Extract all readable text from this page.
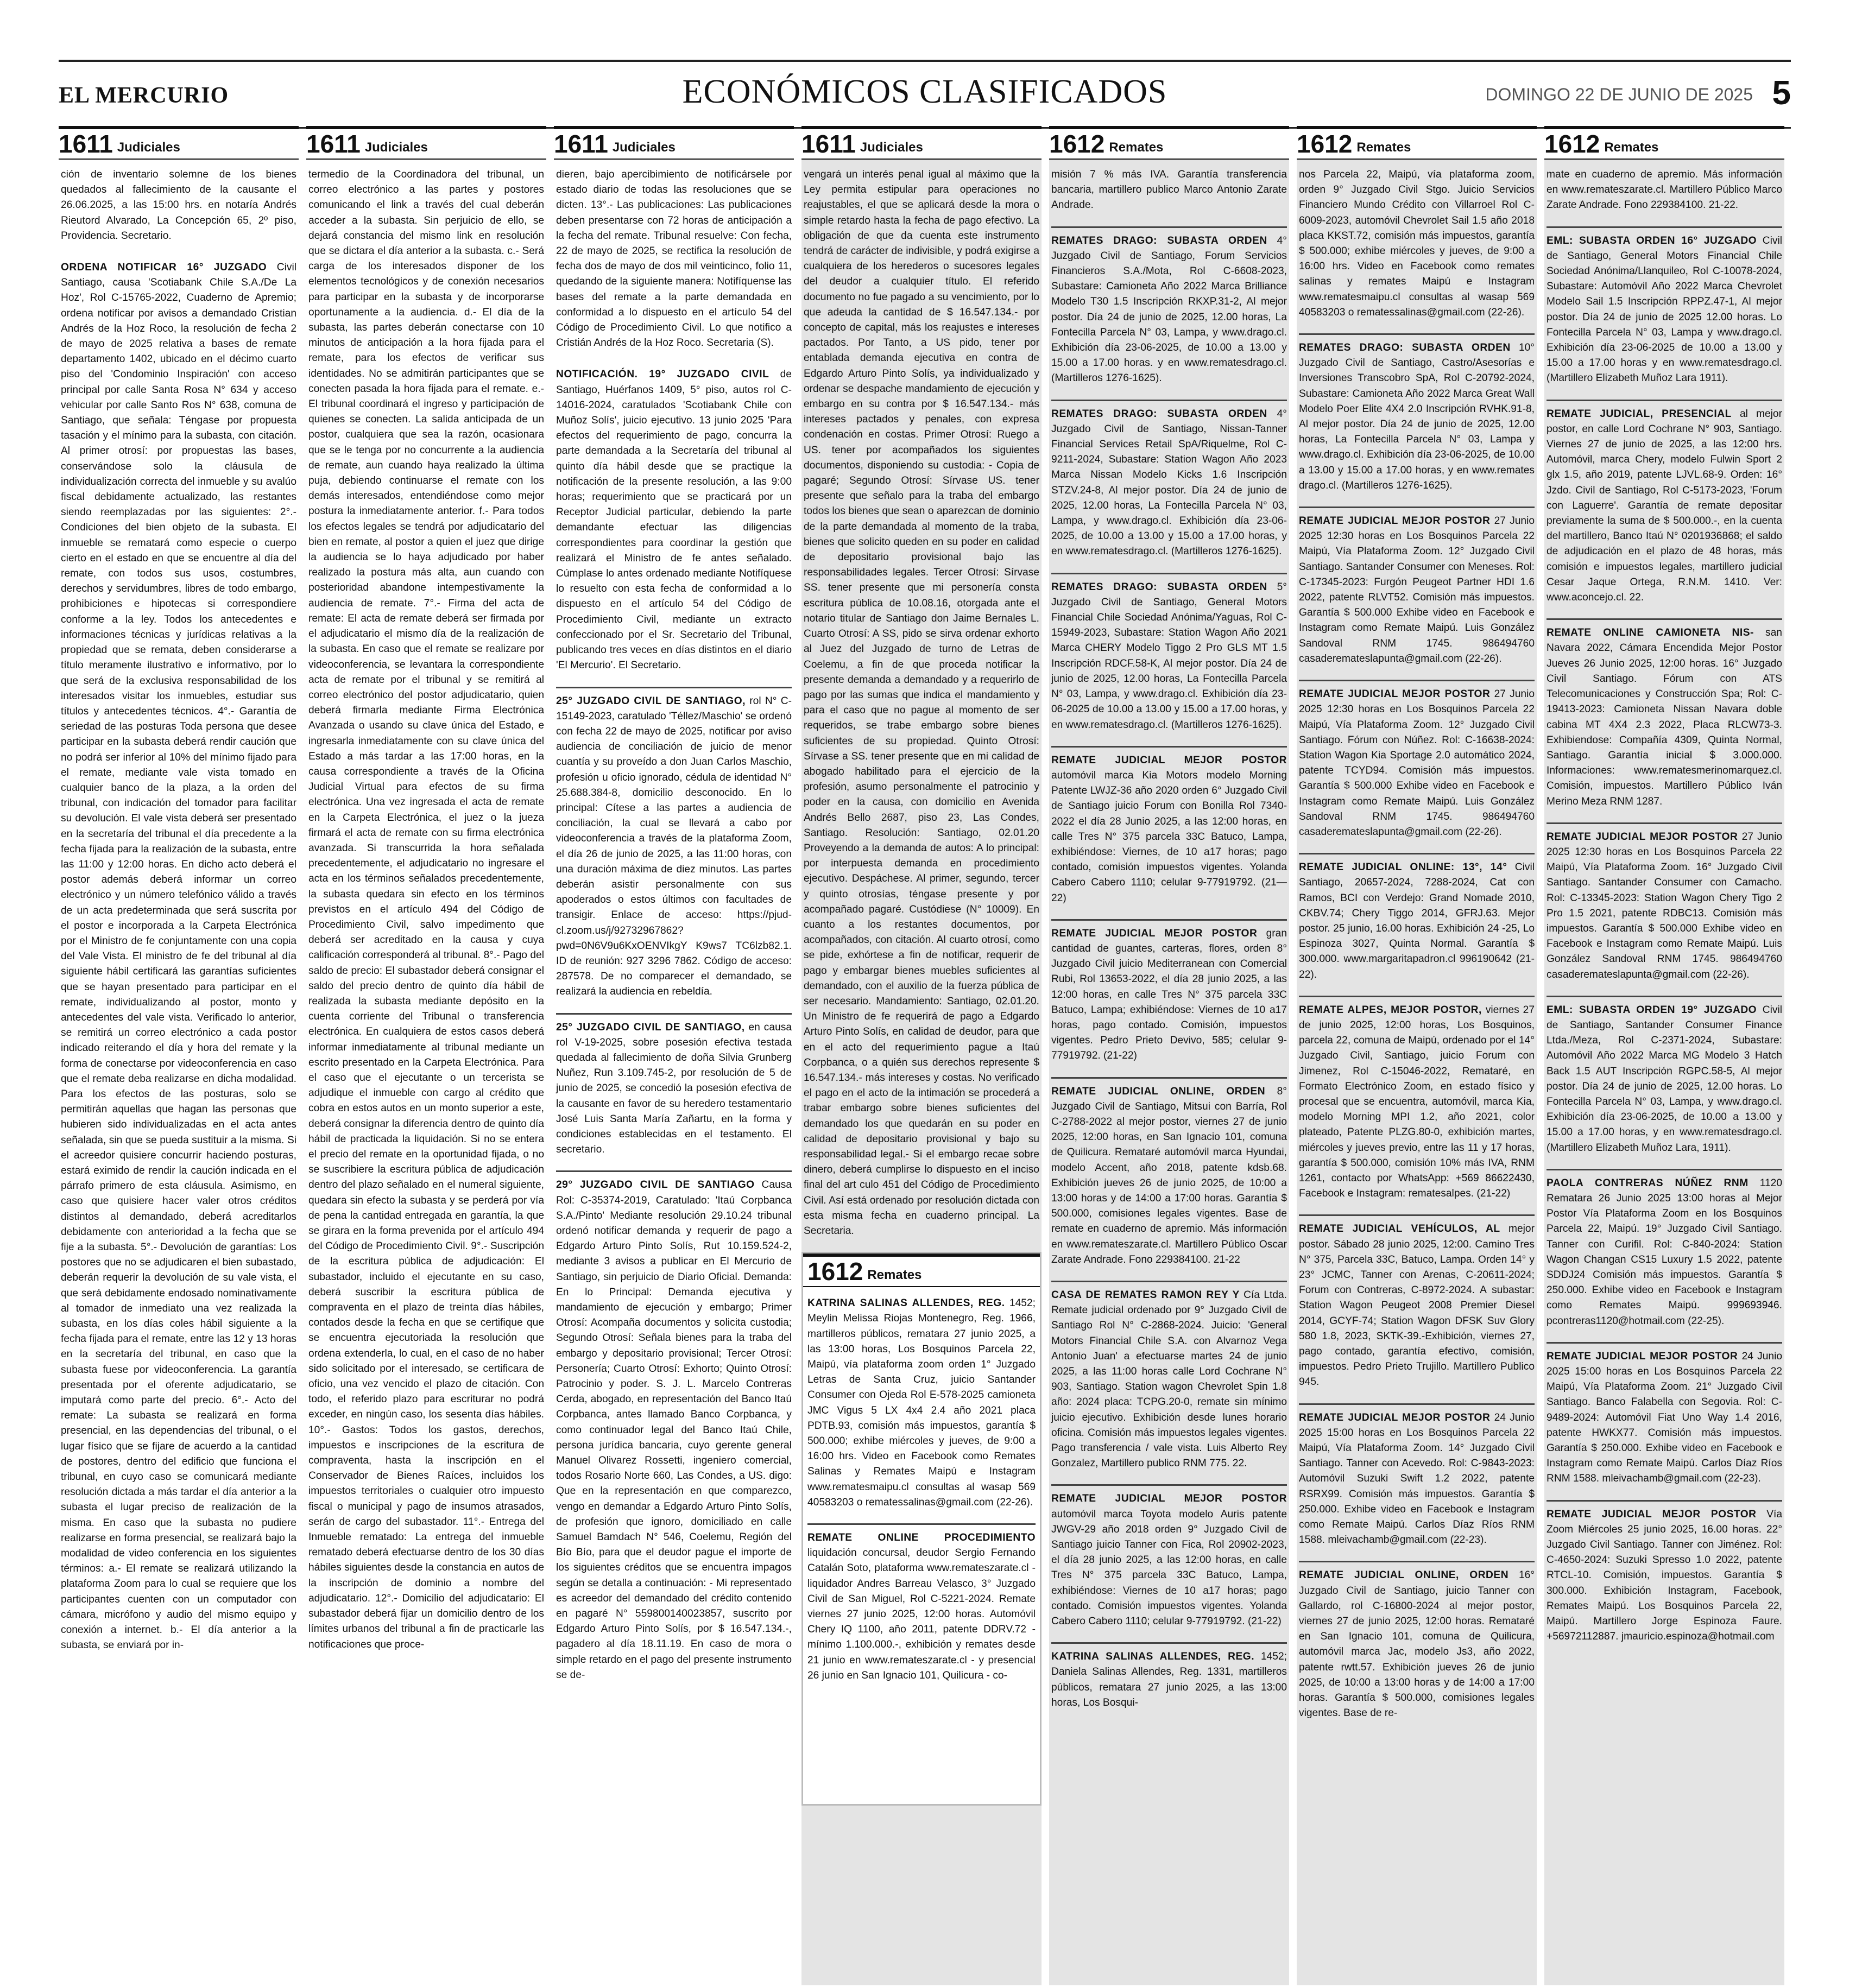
EL MERCURIO	ECONÓMICOS CLASIFICADOS	DOMINGO 22 DE JUNIO DE 2025 5
1611 Judiciales

ción de inventario solemne de los bienes quedados al fallecimiento de la causante el 26.06.2025, a las 15:00 hrs. en notaría Andrés Rieutord Alvarado, La Concepción 65, 2º piso, Providencia. Secretario.

ORDENA NOTIFICAR 16° JUZGADO Civil Santiago, causa 'Scotiabank Chile S.A./De La Hoz', Rol C-15765-2022, Cuaderno de Apremio; ordena notificar por avisos a demandado Cristian Andrés de la Hoz Roco, la resolución de fecha 2 de mayo de 2025 relativa a bases de remate departamento 1402, ubicado en el décimo cuarto piso del 'Condominio Inspiración' con acceso principal por calle Santa Rosa N° 634 y acceso vehicular por calle Santo Ros N° 638, comuna de Santiago, que señala: Téngase por propuesta tasación y el mínimo para la subasta, con citación. Al primer otrosí: por propuestas las bases, conservándose solo la cláusula de individualización correcta del inmueble y su avalúo fiscal debidamente actualizado, las restantes siendo reemplazadas por las siguientes: 2°.- Condiciones del bien objeto de la subasta. El inmueble se rematará como especie o cuerpo cierto en el estado en que se encuentre al día del remate, con todos sus usos, costumbres, derechos y servidumbres, libres de todo embargo, prohibiciones e hipotecas si correspondiere conforme a la ley. Todos los antecedentes e informaciones técnicas y jurídicas relativas a la propiedad que se remata, deben considerarse a título meramente ilustrativo e informativo, por lo que será de la exclusiva responsabilidad de los interesados visitar los inmuebles, estudiar sus títulos y antecedentes técnicos. 4°.- Garantía de seriedad de las posturas Toda persona que desee participar en la subasta deberá rendir caución que no podrá ser inferior al 10% del mínimo fijado para el remate, mediante vale vista tomado en cualquier banco de la plaza, a la orden del tribunal, con indicación del tomador para facilitar su devolución. El vale vista deberá ser presentado en la secretaría del tribunal el día precedente a la fecha fijada para la realización de la subasta, entre las 11:00 y 12:00 horas. En dicho acto deberá el postor además deberá informar un correo electrónico y un número telefónico válido a través de un acta predeterminada que será suscrita por el postor e incorporada a la Carpeta Electrónica por el Ministro de fe conjuntamente con una copia del Vale Vista. El ministro de fe del tribunal al día siguiente hábil certificará las garantías suficientes que se hayan presentado para participar en el remate, individualizando al postor, monto y antecedentes del vale vista. Verificado lo anterior, se remitirá un correo electrónico a cada postor indicado reiterando el día y hora del remate y la forma de conectarse por videoconferencia en caso que el remate deba realizarse en dicha modalidad. Para los efectos de las posturas, solo se permitirán aquellas que hagan las personas que hubieren sido individualizadas en el acta antes señalada, sin que se pueda sustituir a la misma. Si el acreedor quisiere concurrir haciendo posturas, estará eximido de rendir la caución indicada en el párrafo primero de esta cláusula. Asimismo, en caso que quisiere hacer valer otros créditos distintos al demandado, deberá acreditarlos debidamente con anterioridad a la fecha que se fije a la subasta. 5°.- Devolución de garantías: Los postores que no se adjudicaren el bien subastado, deberán requerir la devolución de su vale vista, el que será debidamente endosado nominativamente al tomador de inmediato una vez realizada la subasta, en los días coles hábil siguiente a la fecha fijada para el remate, entre las 12 y 13 horas en la secretaría del tribunal, en caso que la subasta fuese por videoconferencia. La garantía presentada por el oferente adjudicatario, se imputará como parte del precio. 6°.- Acto del remate: La subasta se realizará en forma presencial, en las dependencias del tribunal, o el lugar físico que se fijare de acuerdo a la cantidad de postores, dentro del edificio que funciona el tribunal, en cuyo caso se comunicará mediante resolución dictada a más tardar el día anterior a la subasta el lugar preciso de realización de la misma. En caso que la subasta no pudiere realizarse en forma presencial, se realizará bajo la modalidad de video conferencia en los siguientes términos: a.- El remate se realizará utilizando la plataforma Zoom para lo cual se requiere que los participantes cuenten con un computador con cámara, micrófono y audio del mismo equipo y conexión a internet. b.- El día anterior a la subasta, se enviará por in-

1611 Judiciales

termedio de la Coordinadora del tribunal, un correo electrónico a las partes y postores comunicando el link a través del cual deberán acceder a la subasta. Sin perjuicio de ello, se dejará constancia del mismo link en resolución que se dictara el día anterior a la subasta. c.- Será carga de los interesados disponer de los elementos tecnológicos y de conexión necesarios para participar en la subasta y de incorporarse oportunamente a la audiencia. d.- El día de la subasta, las partes deberán conectarse con 10 minutos de anticipación a la hora fijada para el remate, para los efectos de verificar sus identidades. No se admitirán participantes que se conecten pasada la hora fijada para el remate. e.- El tribunal coordinará el ingreso y participación de quienes se conecten. La salida anticipada de un postor, cualquiera que sea la razón, ocasionara que se le tenga por no concurrente a la audiencia de remate, aun cuando haya realizado la última puja, debiendo continuarse el remate con los demás interesados, entendiéndose como mejor postura la inmediatamente anterior. f.- Para todos los efectos legales se tendrá por adjudicatario del bien en remate, al postor a quien el juez que dirige la audiencia se lo haya adjudicado por haber realizado la postura más alta, aun cuando con posterioridad abandone intempestivamente la audiencia de remate. 7°.- Firma del acta de remate: El acta de remate deberá ser firmada por el adjudicatario el mismo día de la realización de la subasta. En caso que el remate se realizare por videoconferencia, se levantara la correspondiente acta de remate por el tribunal y se remitirá al correo electrónico del postor adjudicatario, quien deberá firmarla mediante Firma Electrónica Avanzada o usando su clave única del Estado, e ingresarla inmediatamente con su clave única del Estado a más tardar a las 17:00 horas, en la causa correspondiente a través de la Oficina Judicial Virtual para efectos de su firma electrónica. Una vez ingresada el acta de remate en la Carpeta Electrónica, el juez o la jueza firmará el acta de remate con su firma electrónica avanzada. Si transcurrida la hora señalada precedentemente, el adjudicatario no ingresare el acta en los términos señalados precedentemente, la subasta quedara sin efecto en los términos previstos en el artículo 494 del Código de Procedimiento Civil, salvo impedimento que deberá ser acreditado en la causa y cuya calificación corresponderá al tribunal. 8°.- Pago del saldo de precio: El subastador deberá consignar el saldo del precio dentro de quinto día hábil de realizada la subasta mediante depósito en la cuenta corriente del Tribunal o transferencia electrónica. En cualquiera de estos casos deberá informar inmediatamente al tribunal mediante un escrito presentado en la Carpeta Electrónica. Para el caso que el ejecutante o un tercerista se adjudique el inmueble con cargo al crédito que cobra en estos autos en un monto superior a este, deberá consignar la diferencia dentro de quinto día hábil de practicada la liquidación. Si no se entera el precio del remate en la oportunidad fijada, o no se suscribiere la escritura pública de adjudicación dentro del plazo señalado en el numeral siguiente, quedara sin efecto la subasta y se perderá por vía de pena la cantidad entregada en garantía, la que se girara en la forma prevenida por el artículo 494 del Código de Procedimiento Civil. 9°.- Suscripción de la escritura pública de adjudicación: El subastador, incluido el ejecutante en su caso, deberá suscribir la escritura pública de compraventa en el plazo de treinta días hábiles, contados desde la fecha en que se certifique que se encuentra ejecutoriada la resolución que ordena extenderla, lo cual, en el caso de no haber sido solicitado por el interesado, se certificara de oficio, una vez vencido el plazo de citación. Con todo, el referido plazo para escriturar no podrá exceder, en ningún caso, los sesenta días hábiles. 10°.- Gastos: Todos los gastos, derechos, impuestos e inscripciones de la escritura de compraventa, hasta la inscripción en el Conservador de Bienes Raíces, incluidos los impuestos territoriales o cualquier otro impuesto fiscal o municipal y pago de insumos atrasados, serán de cargo del subastador. 11°.- Entrega del Inmueble rematado: La entrega del inmueble rematado deberá efectuarse dentro de los 30 días hábiles siguientes desde la constancia en autos de la inscripción de dominio a nombre del adjudicatario. 12°.- Domicilio del adjudicatario: El subastador deberá fijar un domicilio dentro de los límites urbanos del tribunal a fin de practicarle las notificaciones que proce-

1611 Judiciales

dieren, bajo apercibimiento de notificársele por estado diario de todas las resoluciones que se dicten. 13°.- Las publicaciones: Las publicaciones deben presentarse con 72 horas de anticipación a la fecha del remate. Tribunal resuelve: Con fecha, 22 de mayo de 2025, se rectifica la resolución de fecha dos de mayo de dos mil veinticinco, folio 11, quedando de la siguiente manera: Notifíquense las bases del remate a la parte demandada en conformidad a lo dispuesto en el artículo 54 del Código de Procedimiento Civil. Lo que notifico a Cristián Andrés de la Hoz Roco. Secretaria (S).

NOTIFICACIÓN. 19° JUZGADO CIVIL de Santiago, Huérfanos 1409, 5° piso, autos rol C-14016-2024, caratulados 'Scotiabank Chile con Muñoz Solís', juicio ejecutivo. 13 junio 2025 'Para efectos del requerimiento de pago, concurra la parte demandada a la Secretaría del tribunal al quinto día hábil desde que se practique la notificación de la presente resolución, a las 9:00 horas; requerimiento que se practicará por un Receptor Judicial particular, debiendo la parte demandante efectuar las diligencias correspondientes para coordinar la gestión que realizará el Ministro de fe antes señalado. Cúmplase lo antes ordenado mediante Notifíquese lo resuelto con esta fecha de conformidad a lo dispuesto en el artículo 54 del Código de Procedimiento Civil, mediante un extracto confeccionado por el Sr. Secretario del Tribunal, publicando tres veces en días distintos en el diario 'El Mercurio'. El Secretario.

25° JUZGADO CIVIL DE SANTIAGO, rol N° C-15149-2023, caratulado 'Téllez/Maschio' se ordenó con fecha 22 de mayo de 2025, notificar por aviso audiencia de conciliación de juicio de menor cuantía y su proveído a don Juan Carlos Maschio, profesión u oficio ignorado, cédula de identidad N° 25.688.384-8, domicilio desconocido. En lo principal: Cítese a las partes a audiencia de conciliación, la cual se llevará a cabo por videoconferencia a través de la plataforma Zoom, el día 26 de junio de 2025, a las 11:00 horas, con una duración máxima de diez minutos. Las partes deberán asistir personalmente con sus apoderados o estos últimos con facultades de transigir. Enlace de acceso: https://pjud-cl.zoom.us/j/92732967862?pwd=0N6V9u6KxOENVIkgY K9ws7 TC6lzb82.1. ID de reunión: 927 3296 7862. Código de acceso: 287578. De no comparecer el demandado, se realizará la audiencia en rebeldía.

25° JUZGADO CIVIL DE SANTIAGO, en causa rol V-19-2025, sobre posesión efectiva testada quedada al fallecimiento de doña Silvia Grunberg Nuñez, Run 3.109.745-2, por resolución de 5 de junio de 2025, se concedió la posesión efectiva de la causante en favor de su heredero testamentario José Luis Santa María Zañartu, en la forma y condiciones establecidas en el testamento. El secretario.

29° JUZGADO CIVIL DE SANTIAGO Causa Rol: C-35374-2019, Caratulado: 'Itaú Corpbanca S.A./Pinto' Mediante resolución 29.10.24 tribunal ordenó notificar demanda y requerir de pago a Edgardo Arturo Pinto Solís, Rut 10.159.524-2, mediante 3 avisos a publicar en El Mercurio de Santiago, sin perjuicio de Diario Oficial. Demanda: En lo Principal: Demanda ejecutiva y mandamiento de ejecución y embargo; Primer Otrosí: Acompaña documentos y solicita custodia; Segundo Otrosí: Señala bienes para la traba del embargo y depositario provisional; Tercer Otrosí: Personería; Cuarto Otrosí: Exhorto; Quinto Otrosí: Patrocinio y poder. S. J. L. Marcelo Contreras Cerda, abogado, en representación del Banco Itaú Corpbanca, antes llamado Banco Corpbanca, y como continuador legal del Banco Itaú Chile, persona jurídica bancaria, cuyo gerente general Manuel Olivarez Rossetti, ingeniero comercial, todos Rosario Norte 660, Las Condes, a US. digo: Que en la representación en que comparezco, vengo en demandar a Edgardo Arturo Pinto Solís, de profesión que ignoro, domiciliado en calle Samuel Bamdach N° 546, Coelemu, Región del Bío Bío, para que el deudor pague el importe de los siguientes créditos que se encuentra impagos según se detalla a continuación: - Mi representado es acreedor del demandado del crédito contenido en pagaré N° 559800140023857, suscrito por Edgardo Arturo Pinto Solís, por $ 16.547.134.-, pagadero al día 18.11.19. En caso de mora o simple retardo en el pago del presente instrumento se de-

1611 Judiciales

vengará un interés penal igual al máximo que la Ley permita estipular para operaciones no reajustables, el que se aplicará desde la mora o simple retardo hasta la fecha de pago efectivo. La obligación de que da cuenta este instrumento tendrá de carácter de indivisible, y podrá exigirse a cualquiera de los herederos o sucesores legales del deudor a cualquier título. El referido documento no fue pagado a su vencimiento, por lo que adeuda la cantidad de $ 16.547.134.- por concepto de capital, más los reajustes e intereses pactados. Por Tanto, a US pido, tener por entablada demanda ejecutiva en contra de Edgardo Arturo Pinto Solís, ya individualizado y ordenar se despache mandamiento de ejecución y embargo en su contra por $ 16.547.134.- más intereses pactados y penales, con expresa condenación en costas. Primer Otrosí: Ruego a US. tener por acompañados los siguientes documentos, disponiendo su custodia: - Copia de pagaré; Segundo Otrosí: Sírvase US. tener presente que señalo para la traba del embargo todos los bienes que sean o aparezcan de dominio de la parte demandada al momento de la traba, bienes que solicito queden en su poder en calidad de depositario provisional bajo las responsabilidades legales. Tercer Otrosí: Sírvase SS. tener presente que mi personería consta escritura pública de 10.08.16, otorgada ante el notario titular de Santiago don Jaime Bernales L. Cuarto Otrosí: A SS, pido se sirva ordenar exhorto al Juez del Juzgado de turno de Letras de Coelemu, a fin de que proceda notificar la presente demanda a demandado y a requerirlo de pago por las sumas que indica el mandamiento y para el caso que no pague al momento de ser requeridos, se trabe embargo sobre bienes suficientes de su propiedad. Quinto Otrosí: Sírvase a SS. tener presente que en mi calidad de abogado habilitado para el ejercicio de la profesión, asumo personalmente el patrocinio y poder en la causa, con domicilio en Avenida Andrés Bello 2687, piso 23, Las Condes, Santiago. Resolución: Santiago, 02.01.20 Proveyendo a la demanda de autos: A lo principal: por interpuesta demanda en procedimiento ejecutivo. Despáchese. Al primer, segundo, tercer y quinto otrosías, téngase presente y por acompañado pagaré. Custódiese (N° 10009). En cuanto a los restantes documentos, por acompañados, con citación. Al cuarto otrosí, como se pide, exhórtese a fin de notificar, requerir de pago y embargar bienes muebles suficientes al demandado, con el auxilio de la fuerza pública de ser necesario. Mandamiento: Santiago, 02.01.20. Un Ministro de fe requerirá de pago a Edgardo Arturo Pinto Solís, en calidad de deudor, para que en el acto del requerimiento pague a Itaú Corpbanca, o a quién sus derechos represente $ 16.547.134.- más intereses y costas. No verificado el pago en el acto de la intimación se procederá a trabar embargo sobre bienes suficientes del demandado los que quedarán en su poder en calidad de depositario provisional y bajo su responsabilidad legal.- Si el embargo recae sobre dinero, deberá cumplirse lo dispuesto en el inciso final del art culo 451 del Código de Procedimiento Civil. Así está ordenado por resolución dictada con esta misma fecha en cuaderno principal. La Secretaria.

1612 Remates

KATRINA SALINAS ALLENDES, REG. 1452; Meylin Melissa Riojas Montenegro, Reg. 1966, martilleros públicos, rematara 27 junio 2025, a las 13:00 horas, Los Bosquinos Parcela 22, Maipú, vía plataforma zoom orden 1° Juzgado Letras de Santa Cruz, juicio Santander Consumer con Ojeda Rol E-578-2025 camioneta JMC Vigus 5 LX 4x4 2.4 año 2021 placa PDTB.93, comisión más impuestos, garantía $ 500.000; exhibe miércoles y jueves, de 9:00 a 16:00 hrs. Video en Facebook como Remates Salinas y Remates Maipú e Instagram www.rematesmaipu.cl consultas al wasap 569 40583203 o rematessalinas@gmail.com (22-26).

REMATE ONLINE PROCEDIMIENTO liquidación concursal, deudor Sergio Fernando Catalán Soto, plataforma www.remateszarate.cl - liquidador Andres Barreau Velasco, 3° Juzgado Civil de San Miguel, Rol C-5221-2024. Remate viernes 27 junio 2025, 12:00 horas. Automóvil Chery IQ 1100, año 2011, patente DDRV.72 - mínimo 1.100.000.-, exhibición y remates desde 21 junio en www.remateszarate.cl - y presencial 26 junio en San Ignacio 101, Quilicura - co-

1612 Remates

misión 7 % más IVA. Garantía transferencia bancaria, martillero publico Marco Antonio Zarate Andrade.

REMATES DRAGO: SUBASTA ORDEN 4° Juzgado Civil de Santiago, Forum Servicios Financieros S.A./Mota, Rol C-6608-2023, Subastare: Camioneta Año 2022 Marca Brilliance Modelo T30 1.5 Inscripción RKXP.31-2, Al mejor postor. Día 24 de junio de 2025, 12.00 horas, La Fontecilla Parcela N° 03, Lampa, y www.drago.cl. Exhibición día 23-06-2025, de 10.00 a 13.00 y 15.00 a 17.00 horas. y en www.rematesdrago.cl. (Martilleros 1276-1625).

REMATES DRAGO: SUBASTA ORDEN 4° Juzgado Civil de Santiago, Nissan-Tanner Financial Services Retail SpA/Riquelme, Rol C-9211-2024, Subastare: Station Wagon Año 2023 Marca Nissan Modelo Kicks 1.6 Inscripción STZV.24-8, Al mejor postor. Día 24 de junio de 2025, 12.00 horas, La Fontecilla Parcela N° 03, Lampa, y www.drago.cl. Exhibición día 23-06-2025, de 10.00 a 13.00 y 15.00 a 17.00 horas, y en www.rematesdrago.cl. (Martilleros 1276-1625).

REMATES DRAGO: SUBASTA ORDEN 5° Juzgado Civil de Santiago, General Motors Financial Chile Sociedad Anónima/Yaguas, Rol C-15949-2023, Subastare: Station Wagon Año 2021 Marca CHERY Modelo Tiggo 2 Pro GLS MT 1.5 Inscripción RDCF.58-K, Al mejor postor. Día 24 de junio de 2025, 12.00 horas, La Fontecilla Parcela N° 03, Lampa, y www.drago.cl. Exhibición día 23-06-2025 de 10.00 a 13.00 y 15.00 a 17.00 horas, y en www.rematesdrago.cl. (Martilleros 1276-1625).

REMATE JUDICIAL MEJOR POSTOR automóvil marca Kia Motors modelo Morning Patente LWJZ-36 año 2020 orden 6° Juzgado Civil de Santiago juicio Forum con Bonilla Rol 7340-2022 el día 28 Junio 2025, a las 12:00 horas, en calle Tres N° 375 parcela 33C Batuco, Lampa, exhibiéndose: Viernes, de 10 a17 horas; pago contado, comisión impuestos vigentes. Yolanda Cabero Cabero 1110; celular 9-77919792. (21—22)

REMATE JUDICIAL MEJOR POSTOR gran cantidad de guantes, carteras, flores, orden 8° Juzgado Civil juicio Mediterranean con Comercial Rubi, Rol 13653-2022, el día 28 junio 2025, a las 12:00 horas, en calle Tres N° 375 parcela 33C Batuco, Lampa; exhibiéndose: Viernes de 10 a17 horas, pago contado. Comisión, impuestos vigentes. Pedro Prieto Devivo, 585; celular 9-77919792. (21-22)

REMATE JUDICIAL ONLINE, ORDEN 8° Juzgado Civil de Santiago, Mitsui con Barría, Rol C-2788-2022 al mejor postor, viernes 27 de junio 2025, 12:00 horas, en San Ignacio 101, comuna de Quilicura. Remataré automóvil marca Hyundai, modelo Accent, año 2018, patente kdsb.68. Exhibición jueves 26 de junio 2025, de 10:00 a 13:00 horas y de 14:00 a 17:00 horas. Garantía $ 500.000, comisiones legales vigentes. Base de remate en cuaderno de apremio. Más información en www.remateszarate.cl. Martillero Público Oscar Zarate Andrade. Fono 229384100. 21-22

CASA DE REMATES RAMON REY Y Cía Ltda. Remate judicial ordenado por 9° Juzgado Civil de Santiago Rol N° C-2868-2024. Juicio: 'General Motors Financial Chile S.A. con Alvarnoz Vega Antonio Juan' a efectuarse martes 24 de junio 2025, a las 11:00 horas calle Lord Cochrane N° 903, Santiago. Station wagon Chevrolet Spin 1.8 año: 2024 placa: TCPG.20-0, remate sin mínimo juicio ejecutivo. Exhibición desde lunes horario oficina. Comisión más impuestos legales vigentes. Pago transferencia / vale vista. Luis Alberto Rey Gonzalez, Martillero publico RNM 775. 22.

REMATE JUDICIAL MEJOR POSTOR automóvil marca Toyota modelo Auris patente JWGV-29 año 2018 orden 9° Juzgado Civil de Santiago juicio Tanner con Fica, Rol 20902-2023, el día 28 junio 2025, a las 12:00 horas, en calle Tres N° 375 parcela 33C Batuco, Lampa, exhibiéndose: Viernes de 10 a17 horas; pago contado. Comisión impuestos vigentes. Yolanda Cabero Cabero 1110; celular 9-77919792. (21-22)

KATRINA SALINAS ALLENDES, REG. 1452; Daniela Salinas Allendes, Reg. 1331, martilleros públicos, rematara 27 junio 2025, a las 13:00 horas, Los Bosqui-

1612 Remates

nos Parcela 22, Maipú, vía plataforma zoom, orden 9° Juzgado Civil Stgo. Juicio Servicios Financiero Mundo Crédito con Villarroel Rol C-6009-2023, automóvil Chevrolet Sail 1.5 año 2018 placa KKST.72, comisión más impuestos, garantía $ 500.000; exhibe miércoles y jueves, de 9:00 a 16:00 hrs. Video en Facebook como remates salinas y remates Maipú e Instagram www.rematesmaipu.cl consultas al wasap 569 40583203 o rematessalinas@gmail.com (22-26).

REMATES DRAGO: SUBASTA ORDEN 10° Juzgado Civil de Santiago, Castro/Asesorías e Inversiones Transcobro SpA, Rol C-20792-2024, Subastare: Camioneta Año 2022 Marca Great Wall Modelo Poer Elite 4X4 2.0 Inscripción RVHK.91-8, Al mejor postor. Día 24 de junio de 2025, 12.00 horas, La Fontecilla Parcela N° 03, Lampa y www.drago.cl. Exhibición día 23-06-2025, de 10.00 a 13.00 y 15.00 a 17.00 horas, y en www.remates drago.cl. (Martilleros 1276-1625).

REMATE JUDICIAL MEJOR POSTOR 27 Junio 2025 12:30 horas en Los Bosquinos Parcela 22 Maipú, Vía Plataforma Zoom. 12° Juzgado Civil Santiago. Santander Consumer con Meneses. Rol: C-17345-2023: Furgón Peugeot Partner HDI 1.6 2022, patente RLVT52. Comisión más impuestos. Garantía $ 500.000 Exhibe video en Facebook e Instagram como Remate Maipú. Luis González Sandoval RNM 1745. 986494760 casaderemateslapunta@gmail.com (22-26).

REMATE JUDICIAL MEJOR POSTOR 27 Junio 2025 12:30 horas en Los Bosquinos Parcela 22 Maipú, Vía Plataforma Zoom. 12° Juzgado Civil Santiago. Fórum con Núñez. Rol: C-16638-2024: Station Wagon Kia Sportage 2.0 automático 2024, patente TCYD94. Comisión más impuestos. Garantía $ 500.000 Exhibe video en Facebook e Instagram como Remate Maipú. Luis González Sandoval RNM 1745. 986494760 casaderemateslapunta@gmail.com (22-26).

REMATE JUDICIAL ONLINE: 13°, 14° Civil Santiago, 20657-2024, 7288-2024, Cat con Ramos, BCI con Verdejo: Grand Nomade 2010, CKBV.74; Chery Tiggo 2014, GFRJ.63. Mejor postor. 25 junio, 16.00 horas. Exhibición 24 -25, Lo Espinoza 3027, Quinta Normal. Garantía $ 300.000. www.margaritapadron.cl 996190642 (21-22).

REMATE ALPES, MEJOR POSTOR, viernes 27 de junio 2025, 12:00 horas, Los Bosquinos, parcela 22, comuna de Maipú, ordenado por el 14° Juzgado Civil, Santiago, juicio Forum con Jimenez, Rol C-15046-2022, Remataré, en Formato Electrónico Zoom, en estado físico y procesal que se encuentra, automóvil, marca Kia, modelo Morning MPI 1.2, año 2021, color plateado, Patente PLZG.80-0, exhibición martes, miércoles y jueves previo, entre las 11 y 17 horas, garantía $ 500.000, comisión 10% más IVA, RNM 1261, contacto por WhatsApp: +569 86622430, Facebook e Instagram: rematesalpes. (21-22)

REMATE JUDICIAL VEHÍCULOS, AL mejor postor. Sábado 28 junio 2025, 12:00. Camino Tres N° 375, Parcela 33C, Batuco, Lampa. Orden 14° y 23° JCMC, Tanner con Arenas, C-20611-2024; Forum con Contreras, C-8972-2024. A subastar: Station Wagon Peugeot 2008 Premier Diesel 2014, GCYF-74; Station Wagon DFSK Suv Glory 580 1.8, 2023, SKTK-39.-Exhibición, viernes 27, pago contado, garantía efectivo, comisión, impuestos. Pedro Prieto Trujillo. Martillero Publico 945.

REMATE JUDICIAL MEJOR POSTOR 24 Junio 2025 15:00 horas en Los Bosquinos Parcela 22 Maipú, Vía Plataforma Zoom. 14° Juzgado Civil Santiago. Tanner con Acevedo. Rol: C-9843-2023: Automóvil Suzuki Swift 1.2 2022, patente RSRX99. Comisión más impuestos. Garantía $ 250.000. Exhibe video en Facebook e Instagram como Remate Maipú. Carlos Díaz Ríos RNM 1588. mleivachamb@gmail.com (22-23).

REMATE JUDICIAL ONLINE, ORDEN 16° Juzgado Civil de Santiago, juicio Tanner con Gallardo, rol C-16800-2024 al mejor postor, viernes 27 de junio 2025, 12:00 horas. Remataré en San Ignacio 101, comuna de Quilicura, automóvil marca Jac, modelo Js3, año 2022, patente rwtt.57. Exhibición jueves 26 de junio 2025, de 10:00 a 13:00 horas y de 14:00 a 17:00 horas. Garantía $ 500.000, comisiones legales vigentes. Base de re-

1612 Remates

mate en cuaderno de apremio. Más información en www.remateszarate.cl. Martillero Público Marco Zarate Andrade. Fono 229384100. 21-22.

EML: SUBASTA ORDEN 16° JUZGADO Civil de Santiago, General Motors Financial Chile Sociedad Anónima/Llanquileo, Rol C-10078-2024, Subastare: Automóvil Año 2022 Marca Chevrolet Modelo Sail 1.5 Inscripción RPPZ.47-1, Al mejor postor. Día 24 de junio de 2025 12.00 horas. Lo Fontecilla Parcela N° 03, Lampa y www.drago.cl. Exhibición día 23-06-2025 de 10.00 a 13.00 y 15.00 a 17.00 horas y en www.rematesdrago.cl. (Martillero Elizabeth Muñoz Lara 1911).

REMATE JUDICIAL, PRESENCIAL al mejor postor, en calle Lord Cochrane N° 903, Santiago. Viernes 27 de junio de 2025, a las 12:00 hrs. Automóvil, marca Chery, modelo Fulwin Sport 2 glx 1.5, año 2019, patente LJVL.68-9. Orden: 16° Jzdo. Civil de Santiago, Rol C-5173-2023, 'Forum con Laguerre'. Garantía de remate depositar previamente la suma de $ 500.000.-, en la cuenta del martillero, Banco Itaú N° 0201936868; el saldo de adjudicación en el plazo de 48 horas, más comisión e impuestos legales, martillero judicial Cesar Jaque Ortega, R.N.M. 1410. Ver: www.aconcejo.cl. 22.

REMATE ONLINE CAMIONETA NIS- san Navara 2022, Cámara Encendida Mejor Postor Jueves 26 Junio 2025, 12:00 horas. 16° Juzgado Civil Santiago. Fórum con ATS Telecomunicaciones y Construcción Spa; Rol: C-19413-2023: Camioneta Nissan Navara doble cabina MT 4X4 2.3 2022, Placa RLCW73-3. Exhibiendose: Compañía 4309, Quinta Normal, Santiago. Garantía inicial $ 3.000.000. Informaciones: www.rematesmerinomarquez.cl. Comisión, impuestos. Martillero Público Iván Merino Meza RNM 1287.

REMATE JUDICIAL MEJOR POSTOR 27 Junio 2025 12:30 horas en Los Bosquinos Parcela 22 Maipú, Vía Plataforma Zoom. 16° Juzgado Civil Santiago. Santander Consumer con Camacho. Rol: C-13345-2023: Station Wagon Chery Tigo 2 Pro 1.5 2021, patente RDBC13. Comisión más impuestos. Garantía $ 500.000 Exhibe video en Facebook e Instagram como Remate Maipú. Luis González Sandoval RNM 1745. 986494760 casaderemateslapunta@gmail.com (22-26).

EML: SUBASTA ORDEN 19° JUZGADO Civil de Santiago, Santander Consumer Finance Ltda./Meza, Rol C-2371-2024, Subastare: Automóvil Año 2022 Marca MG Modelo 3 Hatch Back 1.5 AUT Inscripción RGPC.58-5, Al mejor postor. Día 24 de junio de 2025, 12.00 horas. Lo Fontecilla Parcela N° 03, Lampa, y www.drago.cl. Exhibición día 23-06-2025, de 10.00 a 13.00 y 15.00 a 17.00 horas, y en www.rematesdrago.cl. (Martillero Elizabeth Muñoz Lara, 1911).

PAOLA CONTRERAS NÚÑEZ RNM 1120 Rematara 26 Junio 2025 13:00 horas al Mejor Postor Vía Plataforma Zoom en los Bosquinos Parcela 22, Maipú. 19° Juzgado Civil Santiago. Tanner con Curifil. Rol: C-840-2024: Station Wagon Changan CS15 Luxury 1.5 2022, patente SDDJ24 Comisión más impuestos. Garantía $ 250.000. Exhibe video en Facebook e Instagram como Remates Maipú. 999693946. pcontreras1120@hotmail.com (22-25).

REMATE JUDICIAL MEJOR POSTOR 24 Junio 2025 15:00 horas en Los Bosquinos Parcela 22 Maipú, Vía Plataforma Zoom. 21° Juzgado Civil Santiago. Banco Falabella con Segovia. Rol: C-9489-2024: Automóvil Fiat Uno Way 1.4 2016, patente HWKX77. Comisión más impuestos. Garantía $ 250.000. Exhibe video en Facebook e Instagram como Remate Maipú. Carlos Díaz Ríos RNM 1588. mleivachamb@gmail.com (22-23).

REMATE JUDICIAL MEJOR POSTOR Vía Zoom Miércoles 25 junio 2025, 16.00 horas. 22° Juzgado Civil Santiago. Tanner con Jiménez. Rol: C-4650-2024: Suzuki Spresso 1.0 2022, patente RTCL-10. Comisión, impuestos. Garantía $ 300.000. Exhibición Instagram, Facebook, Remates Maipú. Los Bosquinos Parcela 22, Maipú. Martillero Jorge Espinoza Faure. +56972112887. jmauricio.espinoza@hotmail.com
